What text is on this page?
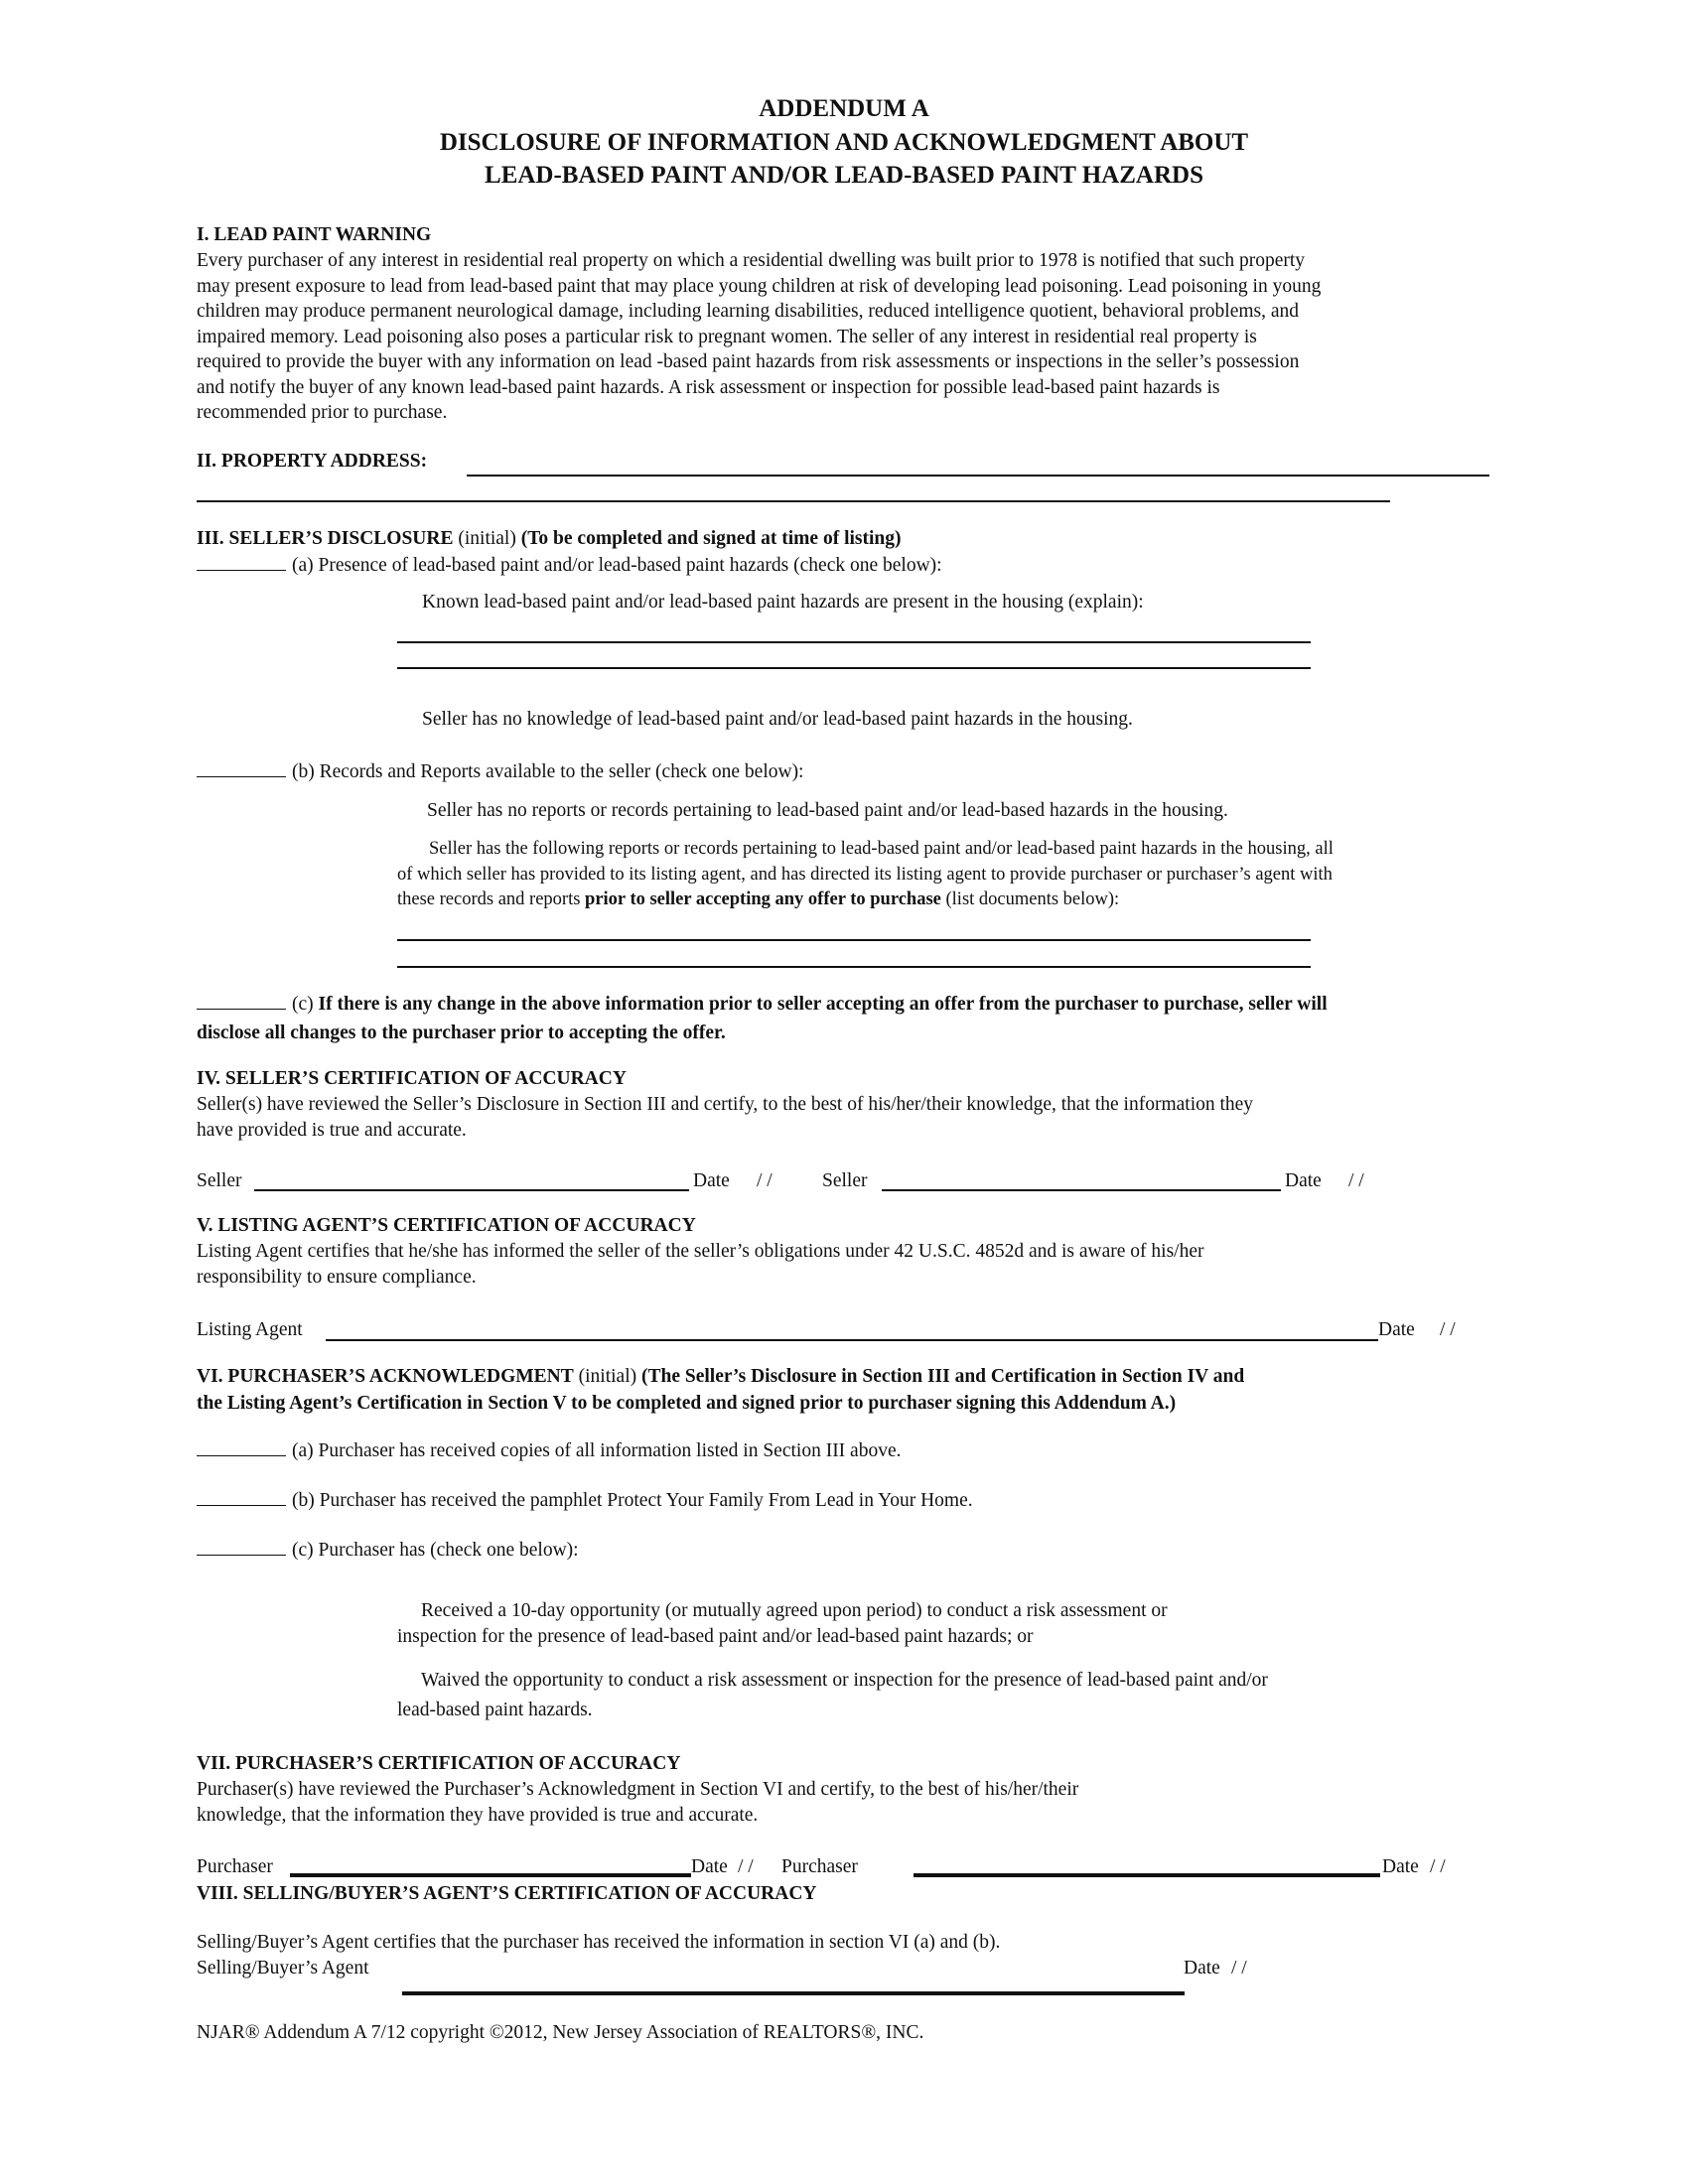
ADDENDUM A
DISCLOSURE OF INFORMATION AND ACKNOWLEDGMENT ABOUT
LEAD-BASED PAINT AND/OR LEAD-BASED PAINT HAZARDS
I. LEAD PAINT WARNING
Every purchaser of any interest in residential real property on which a residential dwelling was built prior to 1978 is notified that such property
may present exposure to lead from lead-based paint that may place young children at risk of developing lead poisoning. Lead poisoning in young
children may produce permanent neurological damage, including learning disabilities, reduced intelligence quotient, behavioral problems, and
impaired memory. Lead poisoning also poses a particular risk to pregnant women. The seller of any interest in residential real property is
required to provide the buyer with any information on lead -based paint hazards from risk assessments or inspections in the seller’s possession
and notify the buyer of any known lead-based paint hazards. A risk assessment or inspection for possible lead-based paint hazards is
recommended prior to purchase.
II. PROPERTY ADDRESS:
III. SELLER’S DISCLOSURE (initial) (To be completed and signed at time of listing)
(a) Presence of lead-based paint and/or lead-based paint hazards (check one below):
Known lead-based paint and/or lead-based paint hazards are present in the housing (explain):
Seller has no knowledge of lead-based paint and/or lead-based paint hazards in the housing.
(b) Records and Reports available to the seller (check one below):
Seller has no reports or records pertaining to lead-based paint and/or lead-based hazards in the housing.
Seller has the following reports or records pertaining to lead-based paint and/or lead-based paint hazards in the housing, all
of which seller has provided to its listing agent, and has directed its listing agent to provide purchaser or purchaser’s agent with
these records and reports prior to seller accepting any offer to purchase (list documents below):
(c) If there is any change in the above information prior to seller accepting an offer from the purchaser to purchase, seller will
disclose all changes to the purchaser prior to accepting the offer.
IV. SELLER’S CERTIFICATION OF ACCURACY
Seller(s) have reviewed the Seller’s Disclosure in Section III and certify, to the best of his/her/their knowledge, that the information they
have provided is true and accurate.
Seller	Date / /	Seller	Date / /
V. LISTING AGENT’S CERTIFICATION OF ACCURACY
Listing Agent certifies that he/she has informed the seller of the seller’s obligations under 42 U.S.C. 4852d and is aware of his/her
responsibility to ensure compliance.
Listing Agent	Date / /
VI. PURCHASER’S ACKNOWLEDGMENT (initial) (The Seller’s Disclosure in Section III and Certification in Section IV and
the Listing Agent’s Certification in Section V to be completed and signed prior to purchaser signing this Addendum A.)
(a) Purchaser has received copies of all information listed in Section III above.
(b) Purchaser has received the pamphlet Protect Your Family From Lead in Your Home.
(c) Purchaser has (check one below):
Received a 10-day opportunity (or mutually agreed upon period) to conduct a risk assessment or
inspection for the presence of lead-based paint and/or lead-based paint hazards; or
Waived the opportunity to conduct a risk assessment or inspection for the presence of lead-based paint and/or
lead-based paint hazards.
VII. PURCHASER’S CERTIFICATION OF ACCURACY
Purchaser(s) have reviewed the Purchaser’s Acknowledgment in Section VI and certify, to the best of his/her/their
knowledge, that the information they have provided is true and accurate.
Purchaser	Date / / Purchaser	Date / /
VIII. SELLING/BUYER’S AGENT’S CERTIFICATION OF ACCURACY
Selling/Buyer’s Agent certifies that the purchaser has received the information in section VI (a) and (b).
Selling/Buyer’s Agent	Date / /
NJAR® Addendum A 7/12 copyright ©2012, New Jersey Association of REALTORS®, INC.
